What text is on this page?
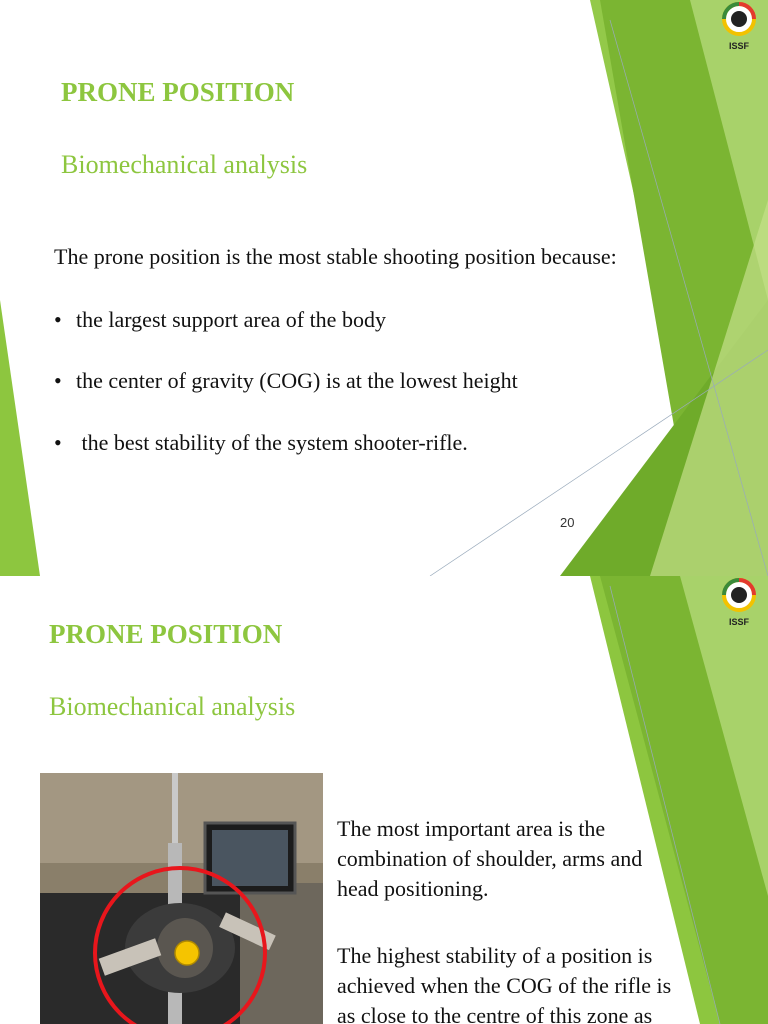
ISSF
PRONE POSITION
Biomechanical analysis
The prone position is the most stable shooting position because:
• the largest support area of the body
• the center of gravity (COG) is at the lowest height
• the best stability of the system shooter-rifle.
20
ISSF
PRONE POSITION
Biomechanical analysis
The most important area is the
combination of shoulder, arms and
head positioning.
The highest stability of a position is
achieved when the COG of the rifle is
as close to the centre of this zone as
